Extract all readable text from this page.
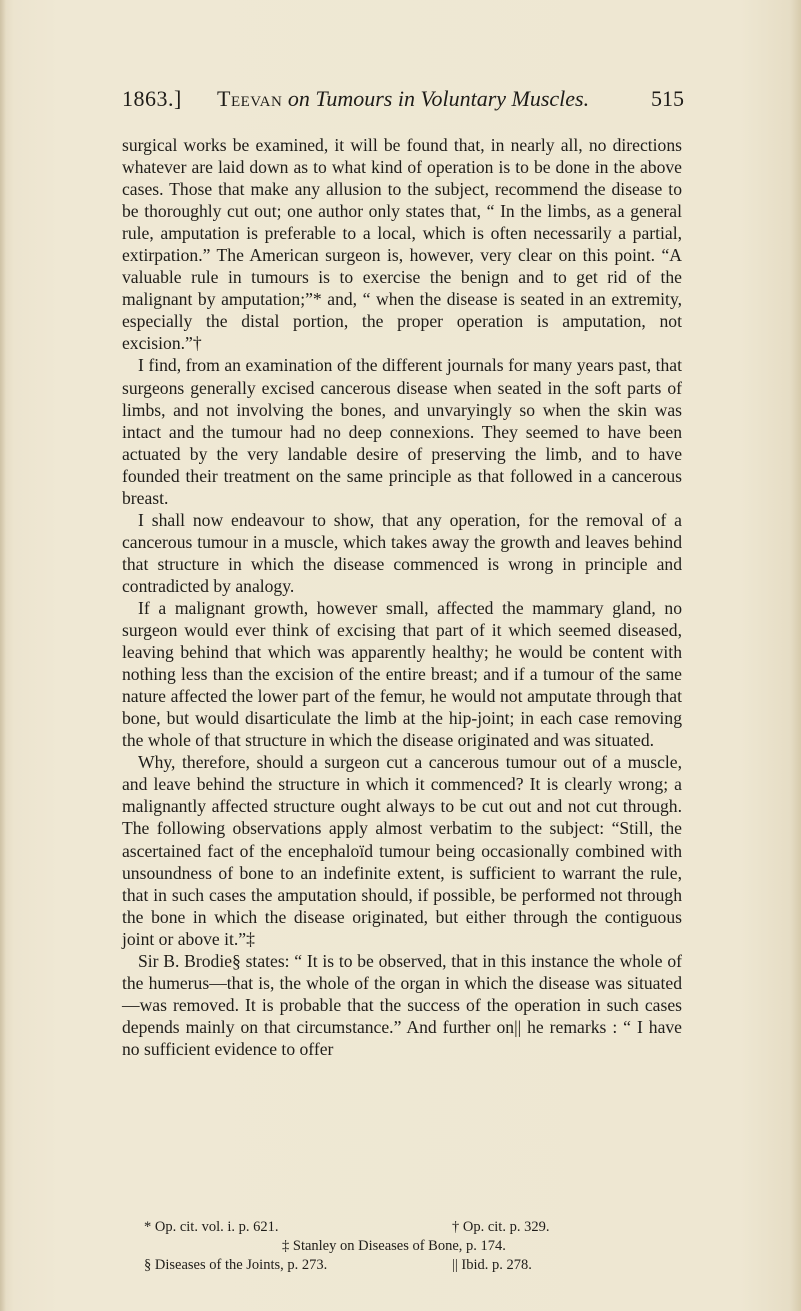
1863.] Teevan on Tumours in Voluntary Muscles.	515

surgical works be examined, it will be found that, in nearly all, no directions whatever are laid down as to what kind of operation is to be done in the above cases. Those that make any allusion to the subject, recommend the disease to be thoroughly cut out; one author only states that, “ In the limbs, as a general rule, amputation is preferable to a local, which is often necessarily a partial, extirpation.” The American surgeon is, however, very clear on this point. “A valuable rule in tumours is to exercise the benign and to get rid of the malignant by amputation;”* and, “ when the disease is seated in an extremity, especially the distal portion, the proper operation is amputation, not excision.”†

I find, from an examination of the different journals for many years past, that surgeons generally excised cancerous disease when seated in the soft parts of limbs, and not involving the bones, and unvaryingly so when the skin was intact and the tumour had no deep connexions. They seemed to have been actuated by the very landable desire of preserving the limb, and to have founded their treatment on the same principle as that followed in a cancerous breast.

I shall now endeavour to show, that any operation, for the removal of a cancerous tumour in a muscle, which takes away the growth and leaves behind that structure in which the disease commenced is wrong in principle and contradicted by analogy.

If a malignant growth, however small, affected the mammary gland, no surgeon would ever think of excising that part of it which seemed diseased, leaving behind that which was apparently healthy; he would be content with nothing less than the excision of the entire breast; and if a tumour of the same nature affected the lower part of the femur, he would not amputate through that bone, but would disarticulate the limb at the hip-joint; in each case removing the whole of that structure in which the disease originated and was situated.

Why, therefore, should a surgeon cut a cancerous tumour out of a muscle, and leave behind the structure in which it commenced? It is clearly wrong; a malignantly affected structure ought always to be cut out and not cut through. The following observations apply almost verbatim to the subject: “Still, the ascertained fact of the encephaloïd tumour being occasionally combined with unsoundness of bone to an indefinite extent, is sufficient to warrant the rule, that in such cases the amputation should, if possible, be performed not through the bone in which the disease originated, but either through the contiguous joint or above it.”‡

Sir B. Brodie§ states: “ It is to be observed, that in this instance the whole of the humerus—that is, the whole of the organ in which the disease was situated—was removed. It is probable that the success of the operation in such cases depends mainly on that circumstance.” And further on|| he remarks : “ I have no sufficient evidence to offer

* Op. cit. vol. i. p. 621.	† Op. cit. p. 329.
‡ Stanley on Diseases of Bone, p. 174.
§ Diseases of the Joints, p. 273.	|| Ibid. p. 278.
